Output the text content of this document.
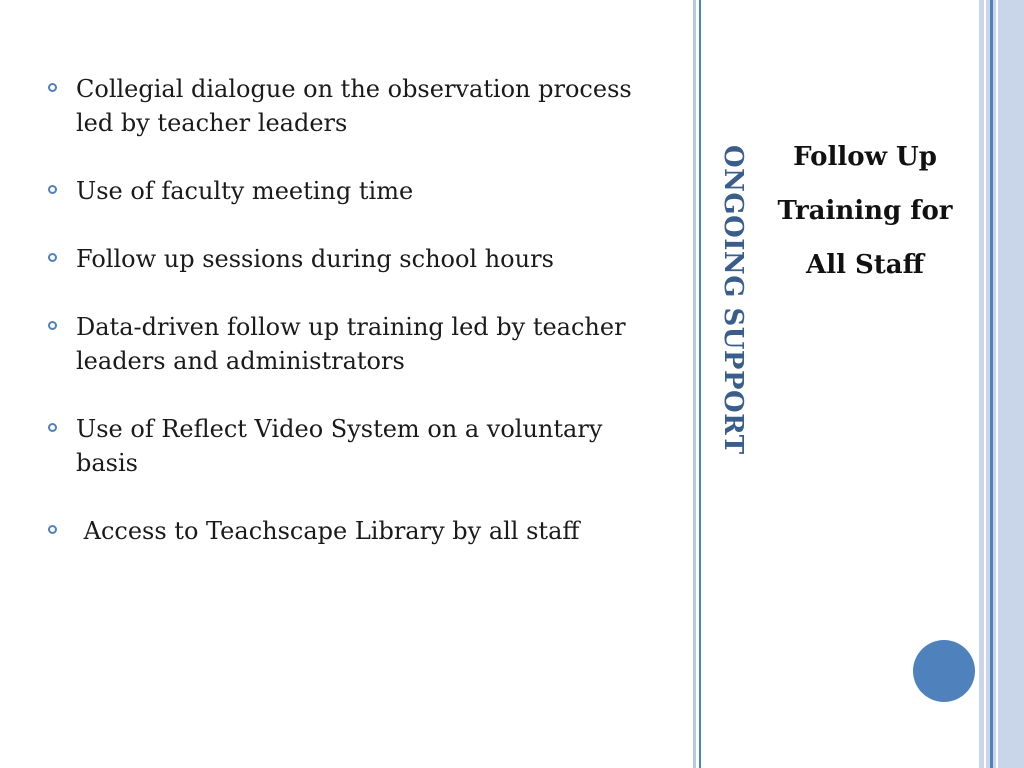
Collegial dialogue on the observation process led by teacher leaders
Use of faculty meeting time
Follow up sessions during school hours
Data-driven follow up training led by teacher leaders and administrators
Use of Reflect Video System on a voluntary basis
Access to Teachscape Library by all staff
ONGOING SUPPORT	Follow Up

Training for

All Staff
